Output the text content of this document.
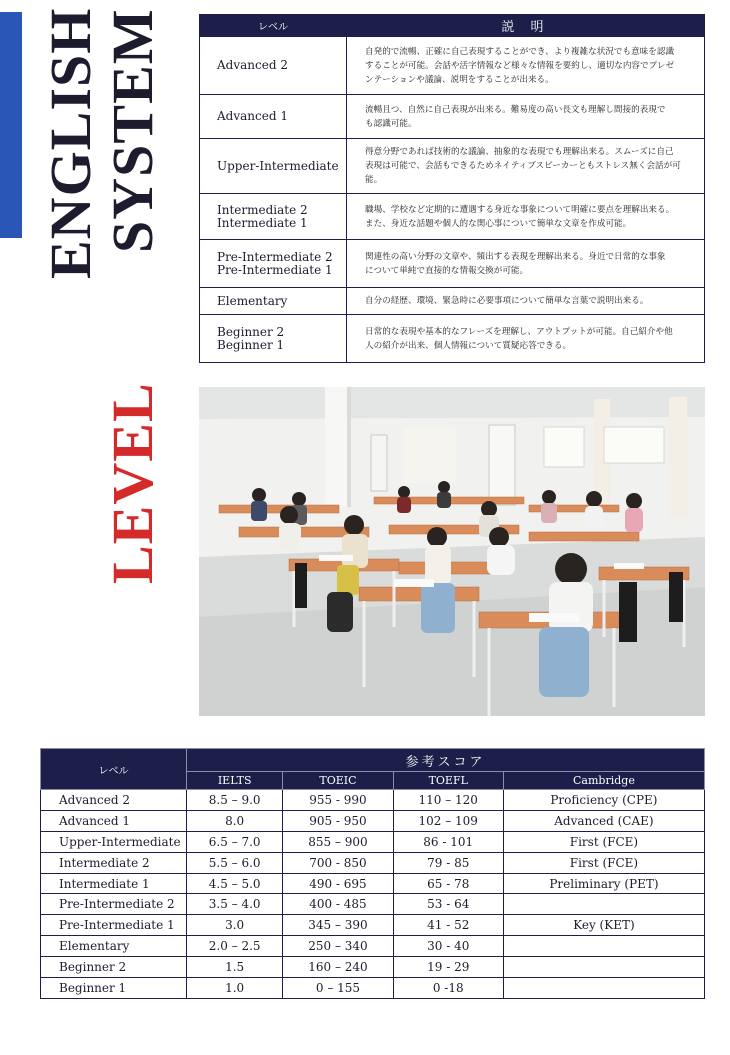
ENGLISH
SYSTEM
LEVEL
レベル	説 明
Advanced 2	自発的で流暢、正確に自己表現することができ、より複雑な状況でも意味を認識
することが可能。会話や活字情報など様々な情報を要約し、適切な内容でプレゼ
ンテーションや議論、説明をすることが出来る。
Advanced 1	流暢且つ、自然に自己表現が出来る。難易度の高い長文も理解し間接的表現で
も認識可能。
Upper-Intermediate	得意分野であれば技術的な議論、抽象的な表現でも理解出来る。スムーズに自己
表現は可能で、会話もできるためネイティブスピーカーともストレス無く会話が可能。
Intermediate 2
Intermediate 1	職場、学校など定期的に遭遇する身近な事象について明確に要点を理解出来る。
また、身近な話題や個人的な関心事について簡単な文章を作成可能。
Pre-Intermediate 2
Pre-Intermediate 1	関連性の高い分野の文章や、頻出する表現を理解出来る。身近で日常的な事象
について単純で直接的な情報交換が可能。
Elementary	自分の経歴、環境、緊急時に必要事項について簡単な言葉で説明出来る。
Beginner 2
Beginner 1	日常的な表現や基本的なフレーズを理解し、アウトプットが可能。自己紹介や他
人の紹介が出来、個人情報について質疑応答できる。
レベル	参考スコア			
	IELTS	TOEIC	TOEFL	Cambridge
Advanced 2	8.5 – 9.0	955 - 990	110 – 120	Proficiency (CPE)
Advanced 1	8.0	905 - 950	102 – 109	Advanced (CAE)
Upper-Intermediate	6.5 – 7.0	855 – 900	86 - 101	First (FCE)
Intermediate 2	5.5 – 6.0	700 - 850	79 - 85	First (FCE)
Intermediate 1	4.5 – 5.0	490 - 695	65 - 78	Preliminary (PET)
Pre-Intermediate 2	3.5 – 4.0	400 - 485	53 - 64	
Pre-Intermediate 1	3.0	345 – 390	41 - 52	Key (KET)
Elementary	2.0 – 2.5	250 – 340	30 - 40	
Beginner 2	1.5	160 – 240	19 - 29	
Beginner 1	1.0	0 – 155	0 -18	
